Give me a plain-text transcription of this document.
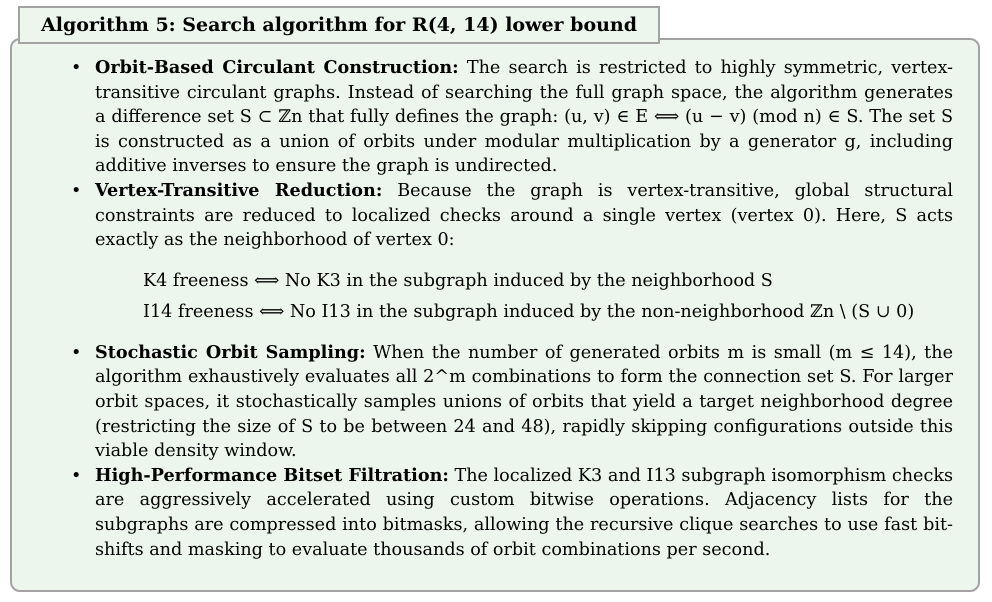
Algorithm 5: Search algorithm for R(4, 14) lower bound
• Orbit-Based Circulant Construction: The search is restricted to highly symmetric, vertex-transitive circulant graphs. Instead of searching the full graph space, the algorithm generates a difference set S ⊂ ℤn that fully defines the graph: (u, v) ∈ E ⟺ (u − v) (mod n) ∈ S. The set S is constructed as a union of orbits under modular multiplication by a generator g, including additive inverses to ensure the graph is undirected.
• Vertex-Transitive Reduction: Because the graph is vertex-transitive, global structural constraints are reduced to localized checks around a single vertex (vertex 0). Here, S acts exactly as the neighborhood of vertex 0:
K4 freeness ⟺ No K3 in the subgraph induced by the neighborhood S
I14 freeness ⟺ No I13 in the subgraph induced by the non-neighborhood ℤn \ (S ∪ 0)
• Stochastic Orbit Sampling: When the number of generated orbits m is small (m ≤ 14), the algorithm exhaustively evaluates all 2^m combinations to form the connection set S. For larger orbit spaces, it stochastically samples unions of orbits that yield a target neighborhood degree (restricting the size of S to be between 24 and 48), rapidly skipping configurations outside this viable density window.
• High-Performance Bitset Filtration: The localized K3 and I13 subgraph isomorphism checks are aggressively accelerated using custom bitwise operations. Adjacency lists for the subgraphs are compressed into bitmasks, allowing the recursive clique searches to use fast bit-shifts and masking to evaluate thousands of orbit combinations per second.
